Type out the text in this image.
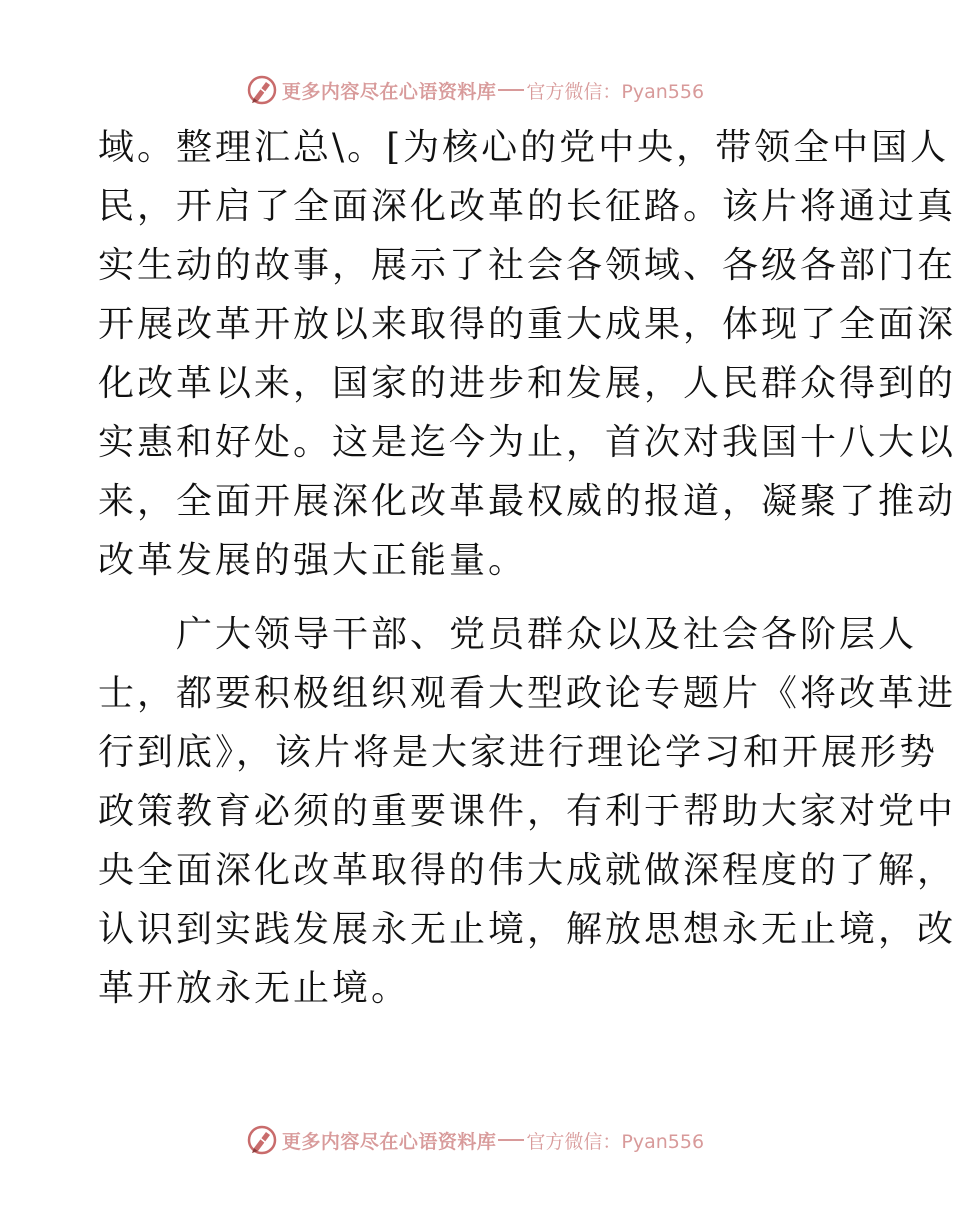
更多内容尽在心语资料库 官方微信：Pyan556
域。整理汇总\。[为核心的党中央，带领全中国人
民，开启了全面深化改革的长征路。该片将通过真
实生动的故事，展示了社会各领域、各级各部门在
开展改革开放以来取得的重大成果，体现了全面深
化改革以来，国家的进步和发展，人民群众得到的
实惠和好处。这是迄今为止，首次对我国十八大以
来，全面开展深化改革最权威的报道，凝聚了推动
改革发展的强大正能量。
　　广大领导干部、党员群众以及社会各阶层人
士，都要积极组织观看大型政论专题片《将改革进
行到底》，该片将是大家进行理论学习和开展形势
政策教育必须的重要课件，有利于帮助大家对党中
央全面深化改革取得的伟大成就做深程度的了解，
认识到实践发展永无止境，解放思想永无止境，改
革开放永无止境。
更多内容尽在心语资料库 官方微信：Pyan556
